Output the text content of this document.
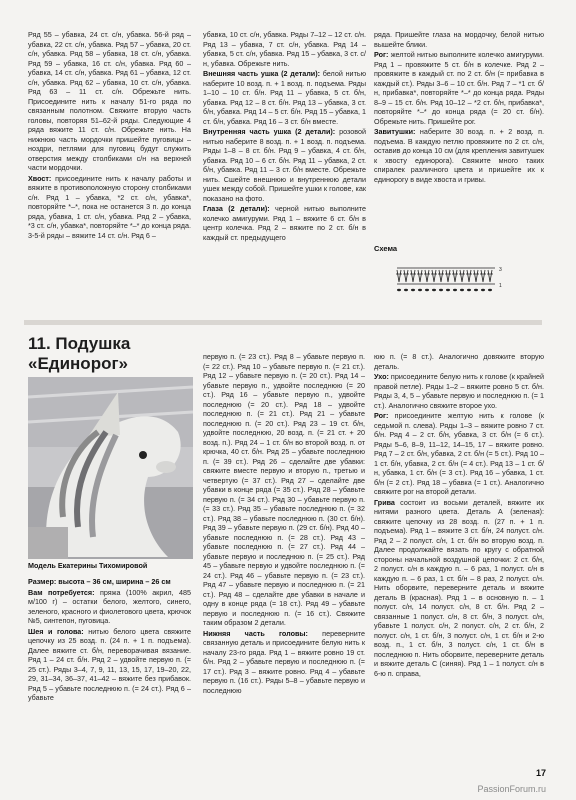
Ряд 55 – убавка, 24 ст. с/н, убавка. 56-й ряд – убавка, 22 ст. с/н, убавка. Ряд 57 – убавка, 20 ст. с/н, убавка. Ряд 58 – убавка, 18 ст. с/н, убавка. Ряд 59 – убавка, 16 ст. с/н, убавка. Ряд 60 – убавка, 14 ст. с/н, убавка. Ряд 61 – убавка, 12 ст. с/н, убавка. Ряд 62 – убавка, 10 ст. с/н, убавка. Ряд 63 – 11 ст. с/н. Обрежьте нить. Присоедините нить к началу 51-го ряда по связанным полотном. Свяжите вторую часть головы, повторяя 51–62-й ряды. Следующие 4 ряда вяжите 11 ст. с/н. Обрежьте нить. На нижнюю часть мордочки пришейте пуговицы – ноздри, петлями для пуговиц будут служить отверстия между столбиками с/н на верхней части мордочки.

Хвост: присоедините нить к началу работы и вяжите в противоположную сторону столбиками с/н. Ряд 1 – убавка, *2 ст. с/н, убавка*, повторяйте *–*, пока не останется 3 п. до конца ряда, убавка, 1 ст. с/н, убавка. Ряд 2 – убавка, *3 ст. с/н, убавка*, повторяйте *–* до конца ряда. 3-5-й ряды – вяжите 14 ст. с/н. Ряд 6 –

убавка, 10 ст. с/н, убавка. Ряды 7–12 – 12 ст. с/н. Ряд 13 – убавка, 7 ст. с/н, убавка. Ряд 14 – убавка, 5 ст. с/н, убавка. Ряд 15 – убавка, 3 ст. с/н, убавка. Обрежьте нить.

Внешняя часть ушка (2 детали): белой нитью наберите 10 возд. п. + 1 возд. п. подъема. Ряды 1–10 – 10 ст. б/н. Ряд 11 – убавка, 5 ст. б/н, убавка. Ряд 12 – 8 ст. б/н. Ряд 13 – убавка, 3 ст. б/н, убавка. Ряд 14 – 5 ст. б/н. Ряд 15 – убавка, 1 ст. б/н, убавка. Ряд 16 – 3 ст. б/н вместе.

Внутренняя часть ушка (2 детали): розовой нитью наберите 8 возд. п. + 1 возд. п. подъема. Ряды 1–8 – 8 ст. б/н. Ряд 9 – убавка, 4 ст. б/н, убавка. Ряд 10 – 6 ст. б/н. Ряд 11 – убавка, 2 ст. б/н, убавка. Ряд 11 – 3 ст. б/н вместе. Обрежьте нить. Сшейте внешнюю и внутреннюю детали ушек между собой. Пришейте ушки к голове, как показано на фото.

Глаза (2 детали): черной нитью выполните колечко амигуруми. Ряд 1 – вяжите 6 ст. б/н в центр колечка. Ряд 2 – вяжите по 2 ст. б/н в каждый ст. предыдущего

ряда. Пришейте глаза на мордочку, белой нитью вышейте блики.

Рог: желтой нитью выполните колечко амигуруми. Ряд 1 – провяжите 5 ст. б/н в колечке. Ряд 2 – провяжите в каждый ст. по 2 ст. б/н (= прибавка в каждый ст.). Ряды 3–6 – 10 ст. б/н. Ряд 7 – *1 ст. б/н, прибавка*, повторяйте *–* до конца ряда. Ряды 8–9 – 15 ст. б/н. Ряд 10–12 – *2 ст. б/н, прибавка*, повторяйте *–* до конца ряда (= 20 ст. б/н). Обрежьте нить. Пришейте рог.

Завитушки: наберите 30 возд. п. + 2 возд. п. подъема. В каждую петлю провяжите по 2 ст. с/н, оставив до конца 10 см (для крепления завитушек к хвосту единорога). Свяжите много таких спиралек различного цвета и пришейте их к единорогу в виде хвоста и гривы.

Схема
3
1
11. Подушка «Единорог»
Модель Екатерины Тихомировой

Размер: высота – 36 см, ширина – 26 см

Вам потребуется: пряжа (100% акрил, 485 м/100 г) – остатки белого, желтого, синего, зеленого, красного и фиолетового цвета, крючок №5, синтепон, пуговица.

Шея и голова: нитью белого цвета свяжите цепочку из 25 возд. п. (24 п. + 1 п. подъема). Далее вяжите ст. б/н, переворачивая вязание. Ряд 1 – 24 ст. б/н. Ряд 2 – удвойте первую п. (= 25 ст.). Ряды 3–4, 7, 9, 11, 13, 15, 17, 19–20, 22, 29, 31–34, 36–37, 41–42 – вяжите без прибавок. Ряд 5 – убавьте последнюю п. (= 24 ст.). Ряд 6 – убавьте

первую п. (= 23 ст.). Ряд 8 – убавьте первую п. (= 22 ст.). Ряд 10 – убавьте первую п. (= 21 ст.). Ряд 12 – убавьте первую п. (= 20 ст.). Ряд 14 – убавьте первую п., удвойте последнюю (= 20 ст.). Ряд 16 – убавьте первую п., удвойте последнюю (= 20 ст.). Ряд 18 – удвойте последнюю п. (= 21 ст.). Ряд 21 – убавьте последнюю п. (= 20 ст.). Ряд 23 – 19 ст. б/н, удвойте последнюю, 20 возд. п. (= 21 ст. + 20 возд. п.). Ряд 24 – 1 ст. б/н во второй возд. п. от крючка, 40 ст. б/н. Ряд 25 – убавьте последнюю п. (= 39 ст.). Ряд 26 – сделайте две убавки: свяжите вместе первую и вторую п., третью и четвертую (= 37 ст.). Ряд 27 – сделайте две убавки в конце ряда (= 35 ст.). Ряд 28 – убавьте первую п. (= 34 ст.). Ряд 30 – убавьте первую п. (= 33 ст.). Ряд 35 – убавьте последнюю п. (= 32 ст.). Ряд 38 – убавьте последнюю п. (30 ст. б/н). Ряд 39 – убавьте первую п. (29 ст. б/н). Ряд 40 – убавьте последнюю п. (= 28 ст.). Ряд 43 – убавьте последнюю п. (= 27 ст.). Ряд 44 – убавьте первую и последнюю п. (= 25 ст.). Ряд 45 – убавьте первую и удвойте последнюю п. (= 24 ст.). Ряд 46 – убавьте первую п. (= 23 ст.). Ряд 47 – убавьте первую и последнюю п. (= 21 ст.). Ряд 48 – сделайте две убавки в начале и одну в конце ряда (= 18 ст.). Ряд 49 – убавьте первую и последнюю п. (= 16 ст.). Свяжите таким образом 2 детали.

Нижняя часть головы: переверните связанную деталь и присоедините белую нить к началу 23-го ряда. Ряд 1 – вяжите ровно 19 ст. б/н. Ряд 2 – убавьте первую и последнюю п. (= 17 ст.). Ряд 3 – вяжите ровно. Ряд 4 – убавьте первую п. (16 ст.). Ряды 5–8 – убавьте первую и последнюю

юю п. (= 8 ст.). Аналогично довяжите вторую деталь.

Ухо: присоедините белую нить к голове (к крайней правой петле). Ряды 1–2 – вяжите ровно 5 ст. б/н. Ряды 3, 4, 5 – убавьте первую и последнюю п. (= 1 ст.). Аналогично свяжите второе ухо.

Рог: присоедините желтую нить к голове (к седьмой п. слева). Ряды 1–3 – вяжите ровно 7 ст. б/н. Ряд 4 – 2 ст. б/н, убавка, 3 ст. б/н (= 6 ст.). Ряды 5–6, 8–9, 11–12, 14–15, 17 – вяжите ровно. Ряд 7 – 2 ст. б/н, убавка, 2 ст. б/н (= 5 ст.). Ряд 10 – 1 ст. б/н, убавка, 2 ст. б/н (= 4 ст.). Ряд 13 – 1 ст. б/н, убавка, 1 ст. б/н (= 3 ст.). Ряд 16 – убавка, 1 ст. б/н (= 2 ст.). Ряд 18 – убавка (= 1 ст.). Аналогично свяжите рог на второй детали.

Грива состоит из восьми деталей, вяжите их нитями разного цвета. Деталь А (зеленая): свяжите цепочку из 28 возд. п. (27 п. + 1 п. подъема). Ряд 1 – вяжите 3 ст. б/н, 24 полуст. с/н. Ряд 2 – 2 полуст. с/н, 1 ст. б/н во вторую возд. п. Далее продолжайте вязать по кругу с обратной стороны начальной воздушной цепочки: 2 ст. б/н, 2 полуст. с/н в каждую п. – 6 раз, 1 полуст. с/н в каждую п. – 6 раз, 1 ст. б/н – 8 раз, 2 полуст. с/н. Нить оборвите, переверните деталь и вяжите деталь В (красная). Ряд 1 – в основную п. – 1 полуст. с/н, 14 полуст. с/н, 8 ст. б/н. Ряд 2 – связанные 1 полуст. с/н, 8 ст. б/н, 3 полуст. с/н, убавьте 1 полуст. с/н, 2 полуст. с/н, 2 ст. б/н, 2 полуст. с/н, 1 ст. б/н, 3 полуст. с/н, 1 ст. б/н и 2-ю возд. п., 1 ст. б/н, 3 полуст. с/н, 1 ст. б/н в последнюю п. Нить оборвите, переверните деталь и вяжите деталь С (синяя). Ряд 1 – 1 полуст. с/н в 6-ю п. справа,

17
PassionForum.ru
